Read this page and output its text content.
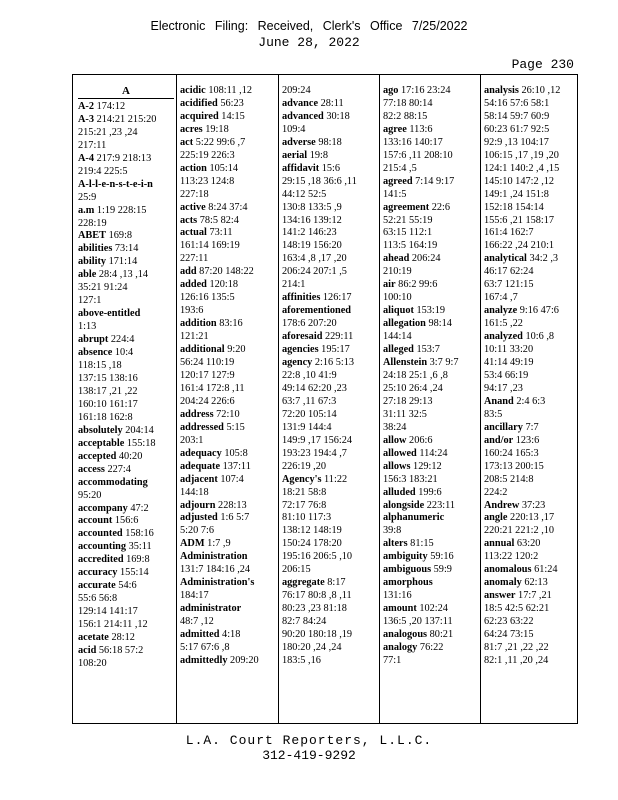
Electronic Filing: Received, Clerk's Office 7/25/2022
June 28, 2022
Page 230
A
A-2 174:12
A-3 214:21 215:20
215:21 ,23 ,24
217:11
A-4 217:9 218:13
219:4 225:5
A-l-l-e-n-s-t-e-i-n
25:9
a.m 1:19 228:15
228:19
ABET 169:8
abilities 73:14
ability 171:14
able 28:4 ,13 ,14
35:21 91:24
127:1
above-entitled
1:13
abrupt 224:4
absence 10:4
118:15 ,18
137:15 138:16
138:17 ,21 ,22
160:10 161:17
161:18 162:8
absolutely 204:14
acceptable 155:18
accepted 40:20
access 227:4
accommodating
95:20
accompany 47:2
account 156:6
accounted 158:16
accounting 35:11
accredited 169:8
accuracy 155:14
accurate 54:6
55:6 56:8
129:14 141:17
156:1 214:11 ,12
acetate 28:12
acid 56:18 57:2
108:20
acidic 108:11 ,12
acidified 56:23
acquired 14:15
acres 19:18
act 5:22 99:6 ,7
225:19 226:3
action 105:14
113:23 124:8
227:18
active 8:24 37:4
acts 78:5 82:4
actual 73:11
161:14 169:19
227:11
add 87:20 148:22
added 120:18
126:16 135:5
193:6
addition 83:16
121:21
additional 9:20
56:24 110:19
120:17 127:9
161:4 172:8 ,11
204:24 226:6
address 72:10
addressed 5:15
203:1
adequacy 105:8
adequate 137:11
adjacent 107:4
144:18
adjourn 228:13
adjusted 1:6 5:7
5:20 7:6
ADM 1:7 ,9
Administration
131:7 184:16 ,24
Administration's
184:17
administrator
48:7 ,12
admitted 4:18
5:17 67:6 ,8
admittedly 209:20
209:24
advance 28:11
advanced 30:18
109:4
adverse 98:18
aerial 19:8
affidavit 15:6
29:15 ,18 36:6 ,11
44:12 52:5
130:8 133:5 ,9
134:16 139:12
141:2 146:23
148:19 156:20
163:4 ,8 ,17 ,20
206:24 207:1 ,5
214:1
affinities 126:17
aforementioned
178:6 207:20
aforesaid 229:11
agencies 195:17
agency 2:16 5:13
22:8 ,10 41:9
49:14 62:20 ,23
63:7 ,11 67:3
72:20 105:14
131:9 144:4
149:9 ,17 156:24
193:23 194:4 ,7
226:19 ,20
Agency's 11:22
18:21 58:8
72:17 76:8
81:10 117:3
138:12 148:19
150:24 178:20
195:16 206:5 ,10
206:15
aggregate 8:17
76:17 80:8 ,8 ,11
80:23 ,23 81:18
82:7 84:24
90:20 180:18 ,19
180:20 ,24 ,24
183:5 ,16
ago 17:16 23:24
77:18 80:14
82:2 88:15
agree 113:6
133:16 140:17
157:6 ,11 208:10
215:4 ,5
agreed 7:14 9:17
141:5
agreement 22:6
52:21 55:19
63:15 112:1
113:5 164:19
ahead 206:24
210:19
air 86:2 99:6
100:10
aliquot 153:19
allegation 98:14
144:14
alleged 153:7
Allenstein 3:7 9:7
24:18 25:1 ,6 ,8
25:10 26:4 ,24
27:18 29:13
31:11 32:5
38:24
allow 206:6
allowed 114:24
allows 129:12
156:3 183:21
alluded 199:6
alongside 223:11
alphanumeric
39:8
alters 81:15
ambiguity 59:16
ambiguous 59:9
amorphous
131:16
amount 102:24
136:5 ,20 137:11
analogous 80:21
analogy 76:22
77:1
analysis 26:10 ,12
54:16 57:6 58:1
58:14 59:7 60:9
60:23 61:7 92:5
92:9 ,13 104:17
106:15 ,17 ,19 ,20
124:1 140:2 ,4 ,15
145:10 147:2 ,12
149:1 ,24 151:8
152:18 154:14
155:6 ,21 158:17
161:4 162:7
166:22 ,24 210:1
analytical 34:2 ,3
46:17 62:24
63:7 121:15
167:4 ,7
analyze 9:16 47:6
161:5 ,22
analyzed 10:6 ,8
10:11 33:20
41:14 49:19
53:4 66:19
94:17 ,23
Anand 2:4 6:3
83:5
ancillary 7:7
and/or 123:6
160:24 165:3
173:13 200:15
208:5 214:8
224:2
Andrew 37:23
angle 220:13 ,17
220:21 221:2 ,10
annual 63:20
113:22 120:2
anomalous 61:24
anomaly 62:13
answer 17:7 ,21
18:5 42:5 62:21
62:23 63:22
64:24 73:15
81:7 ,21 ,22 ,22
82:1 ,11 ,20 ,24
L.A. Court Reporters, L.L.C.
312-419-9292
